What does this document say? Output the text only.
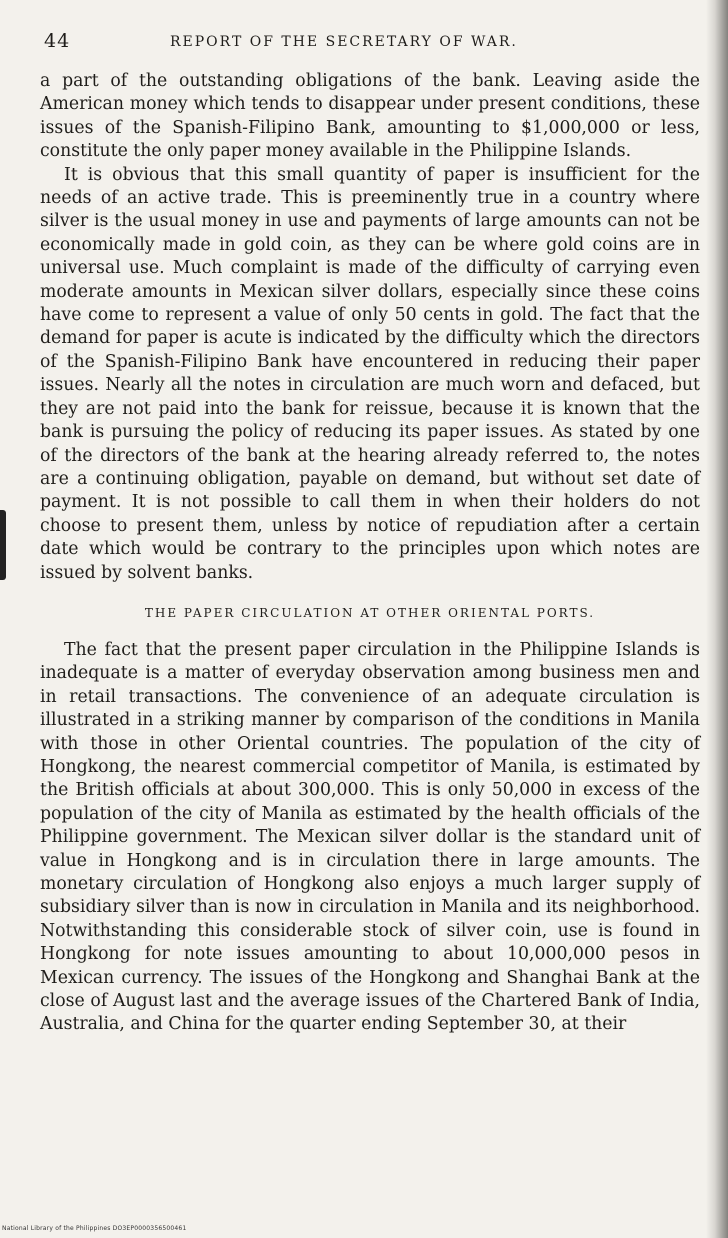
44	REPORT OF THE SECRETARY OF WAR.

a part of the outstanding obligations of the bank. Leaving aside the American money which tends to disappear under present conditions, these issues of the Spanish-Filipino Bank, amounting to $1,000,000 or less, constitute the only paper money available in the Philippine Islands.

It is obvious that this small quantity of paper is insufficient for the needs of an active trade. This is preeminently true in a country where silver is the usual money in use and payments of large amounts can not be economically made in gold coin, as they can be where gold coins are in universal use. Much complaint is made of the difficulty of carrying even moderate amounts in Mexican silver dollars, especially since these coins have come to represent a value of only 50 cents in gold. The fact that the demand for paper is acute is indicated by the difficulty which the directors of the Spanish-Filipino Bank have encountered in reducing their paper issues. Nearly all the notes in circulation are much worn and defaced, but they are not paid into the bank for reissue, because it is known that the bank is pursuing the policy of reducing its paper issues. As stated by one of the directors of the bank at the hearing already referred to, the notes are a continuing obligation, payable on demand, but without set date of payment. It is not possible to call them in when their holders do not choose to present them, unless by notice of repudiation after a certain date which would be contrary to the principles upon which notes are issued by solvent banks.

THE PAPER CIRCULATION AT OTHER ORIENTAL PORTS.

The fact that the present paper circulation in the Philippine Islands is inadequate is a matter of everyday observation among business men and in retail transactions. The convenience of an adequate circulation is illustrated in a striking manner by comparison of the conditions in Manila with those in other Oriental countries. The population of the city of Hongkong, the nearest commercial competitor of Manila, is estimated by the British officials at about 300,000. This is only 50,000 in excess of the population of the city of Manila as estimated by the health officials of the Philippine government. The Mexican silver dollar is the standard unit of value in Hongkong and is in circulation there in large amounts. The monetary circulation of Hongkong also enjoys a much larger supply of subsidiary silver than is now in circulation in Manila and its neighborhood. Notwithstanding this considerable stock of silver coin, use is found in Hongkong for note issues amounting to about 10,000,000 pesos in Mexican currency. The issues of the Hongkong and Shanghai Bank at the close of August last and the average issues of the Chartered Bank of India, Australia, and China for the quarter ending September 30, at their

National Library of the Philippines DO3EP0000356500461
